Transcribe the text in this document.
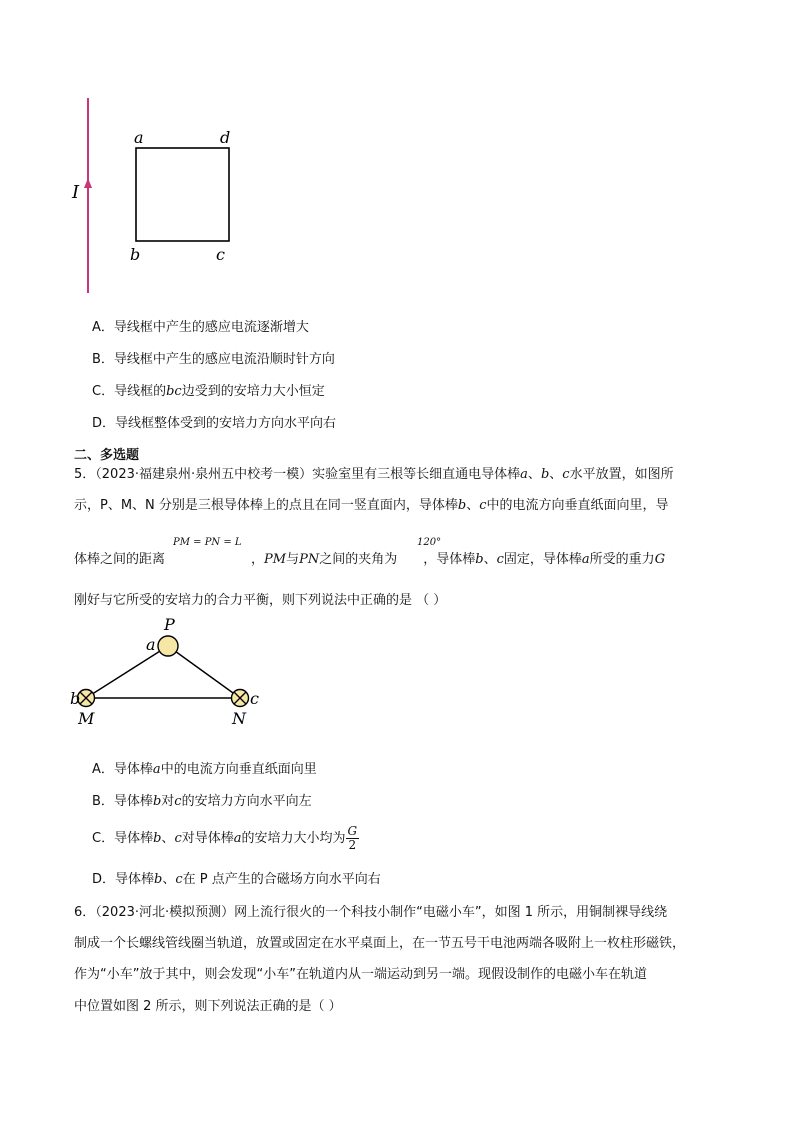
I
a	d
b	c
A．导线框中产生的感应电流逐渐增大
B．导线框中产生的感应电流沿顺时针方向
C．导线框的bc边受到的安培力大小恒定
D．导线框整体受到的安培力方向水平向右
二、多选题
5．（2023·福建泉州·泉州五中校考一模）实验室里有三根等长细直通电导体棒a、b、c水平放置，如图所
示，P、M、N 分别是三根导体棒上的点且在同一竖直面内，导体棒b、c中的电流方向垂直纸面向里，导
体棒之间的距离	，PM与PN之间的夹角为 ，导体棒b、c固定，导体棒a所受的重力G
PM = PN = L	120°
刚好与它所受的安培力的合力平衡，则下列说法中正确的是 （ ）
P
a
b
M
c
N
A．导体棒a中的电流方向垂直纸面向里
B．导体棒b对c的安培力方向水平向左
C．导体棒b、c对导体棒a的安培力大小均为 $\frac{G}{2}$
D．导体棒b、c在 P 点产生的合磁场方向水平向右
6．（2023·河北·模拟预测）网上流行很火的一个科技小制作“电磁小车”，如图 1 所示，用铜制裸导线绕
制成一个长螺线管线圈当轨道，放置或固定在水平桌面上，在一节五号干电池两端各吸附上一枚柱形磁铁，
作为“小车”放于其中，则会发现“小车”在轨道内从一端运动到另一端。现假设制作的电磁小车在轨道
中位置如图 2 所示，则下列说法正确的是（ ）
